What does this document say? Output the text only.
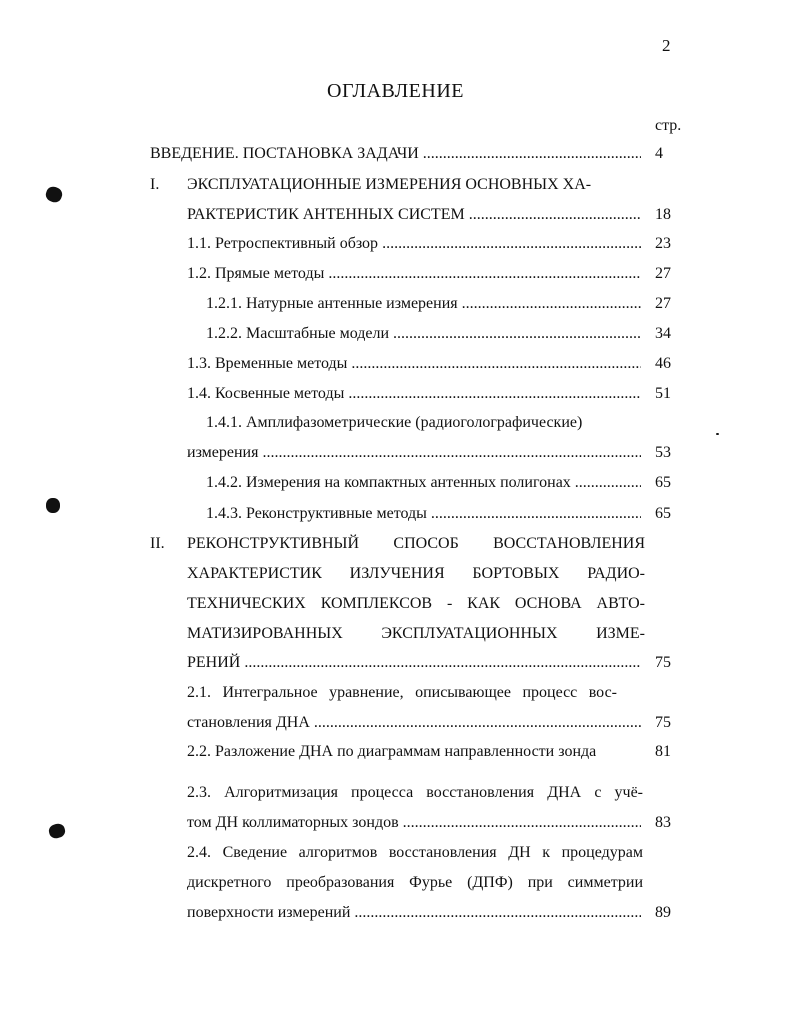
2
ОГЛАВЛЕНИЕ
стр.
ВВЕДЕНИЕ. ПОСТАНОВКА ЗАДАЧИ . . .	4
I. ЭКСПЛУАТАЦИОННЫЕ ИЗМЕРЕНИЯ ОСНОВНЫХ ХА-
РАКТЕРИСТИК АНТЕННЫХ СИСТЕМ . . .	18
1.1. Ретроспективный обзор . . .	23
1.2. Прямые методы . . .	27
1.2.1. Натурные антенные измерения . . .	27
1.2.2. Масштабные модели . . .	34
1.3. Временные методы . . .	46
1.4. Косвенные методы . . .	51
1.4.1. Амплифазометрические (радиоголографические)
измерения . . .	53
1.4.2. Измерения на компактных антенных полигонах . . .	65
1.4.3. Реконструктивные методы . . .	65
II. РЕКОНСТРУКТИВНЫЙ СПОСОБ ВОССТАНОВЛЕНИЯ
ХАРАКТЕРИСТИК ИЗЛУЧЕНИЯ БОРТОВЫХ РАДИО-
ТЕХНИЧЕСКИХ КОМПЛЕКСОВ - КАК ОСНОВА АВТО-
МАТИЗИРОВАННЫХ ЭКСПЛУАТАЦИОННЫХ ИЗМЕ-
РЕНИЙ . . .	75
2.1. Интегральное уравнение, описывающее процесс вос-
становления ДНА . . .	75
2.2. Разложение ДНА по диаграммам направленности зонда	81
2.3. Алгоритмизация процесса восстановления ДНА с учё-
том ДН коллиматорных зондов . . .	83
2.4. Сведение алгоритмов восстановления ДН к процедурам
дискретного преобразования Фурье (ДПФ) при симметрии
поверхности измерений . . .	89
